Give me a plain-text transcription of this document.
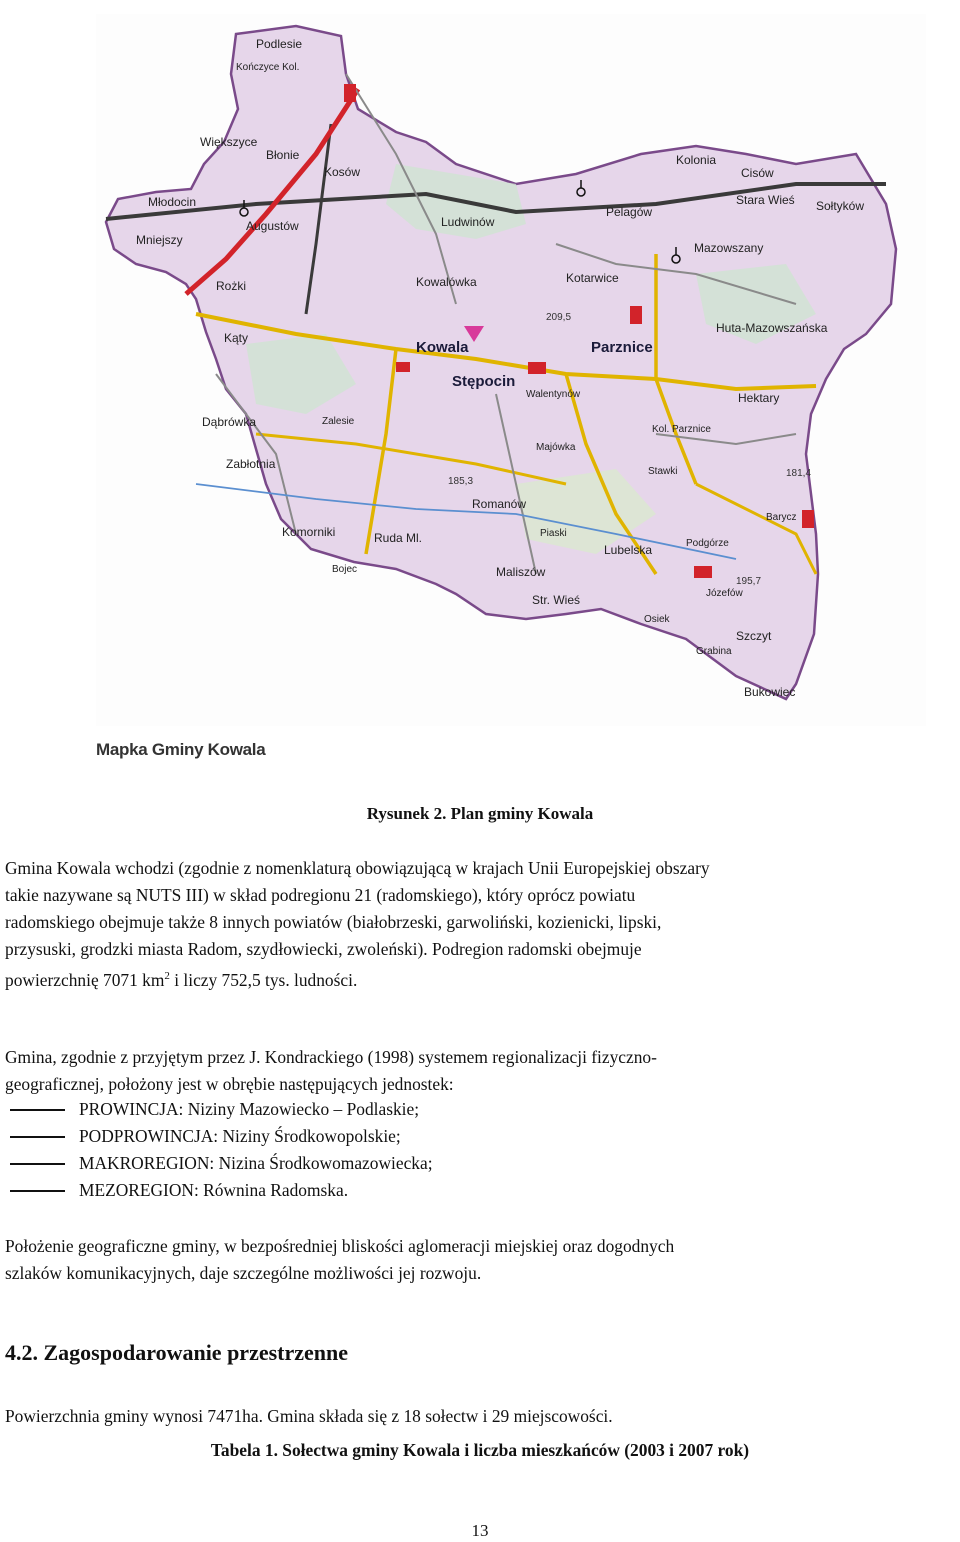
Podlesie
Kończyce Kol.
Większyce
Błonie
Kosów
Młodocin
Mniejszy
Augustów	Ludwinów
Pelagów
Kolonia
Cisów
Stara Wieś Sołtyków
Mazowszany
Kotarwice
Kowalówka
Rożki
Kąty
Kowala
Stępocin
Parznice
Huta-Mazowszańska
Hektary
Walentynów
Zalesie
Dąbrówka
Zabłotnia
Majówka
Kol. Parznice
Stawki
Romanów
Komorniki	Ruda Ml.
Bojec
Piaski
Lubelska	Podgórze
Barycz
Maliszów
Str. Wieś	Józefów
Osiek
Szczyt
Grabina
Bukowiec
209,5
185,3
181,4
195,7
Mapka Gminy Kowala
Rysunek 2. Plan gminy Kowala
Gmina Kowala wchodzi (zgodnie z nomenklaturą obowiązującą w krajach Unii Europejskiej obszary
takie nazywane są NUTS III) w skład podregionu 21 (radomskiego), który oprócz powiatu
radomskiego obejmuje także 8 innych powiatów (białobrzeski, garwoliński, kozienicki, lipski,
przysuski, grodzki miasta Radom, szydłowiecki, zwoleński). Podregion radomski obejmuje
powierzchnię 7071 $km^2$ i liczy 752,5 tys. ludności.
Gmina, zgodnie z przyjętym przez J. Kondrackiego (1998) systemem regionalizacji fizyczno-
geograficznej, położony jest w obrębie następujących jednostek:
PROWINCJA: Niziny Mazowiecko – Podlaskie;
PODPROWINCJA: Niziny Środkowopolskie;
MAKROREGION: Nizina Środkowomazowiecka;
MEZOREGION: Równina Radomska.
Położenie geograficzne gminy, w bezpośredniej bliskości aglomeracji miejskiej oraz dogodnych
szlaków komunikacyjnych, daje szczególne możliwości jej rozwoju.
4.2. Zagospodarowanie przestrzenne
Powierzchnia gminy wynosi 7471ha. Gmina składa się z 18 sołectw i 29 miejscowości.
Tabela 1. Sołectwa gminy Kowala i liczba mieszkańców (2003 i 2007 rok)
13
